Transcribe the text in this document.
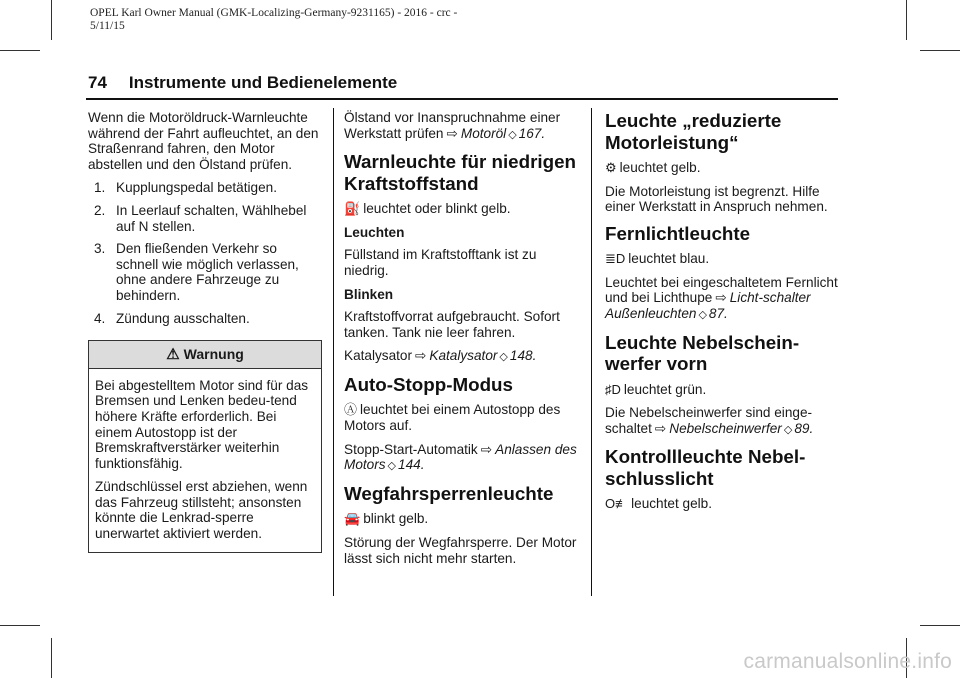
OPEL Karl Owner Manual (GMK-Localizing-Germany-9231165) - 2016 - crc -
5/11/15
74 Instrumente und Bedienelemente

Wenn die Motoröldruck-Warnleuchte während der Fahrt aufleuchtet, an den Straßenrand fahren, den Motor abstellen und den Ölstand prüfen.

1. Kupplungspedal betätigen.
2. In Leerlauf schalten, Wählhebel auf N stellen.
3. Den fließenden Verkehr so schnell wie möglich verlassen, ohne andere Fahrzeuge zu behindern.
4. Zündung ausschalten.
⚠ Warnung

Bei abgestelltem Motor sind für das Bremsen und Lenken bedeu-tend höhere Kräfte erforderlich. Bei einem Autostopp ist der Bremskraftverstärker weiterhin funktionsfähig.

Zündschlüssel erst abziehen, wenn das Fahrzeug stillsteht; ansonsten könnte die Lenkrad-sperre unerwartet aktiviert werden.

Ölstand vor Inanspruchnahme einer Werkstatt prüfen ⇨ Motoröl ◇ 167.

Warnleuchte für niedrigen Kraftstoffstand

⛽ leuchtet oder blinkt gelb.

Leuchten

Füllstand im Kraftstofftank ist zu niedrig.

Blinken

Kraftstoffvorrat aufgebraucht. Sofort tanken. Tank nie leer fahren.

Katalysator ⇨ Katalysator ◇ 148.

Auto-Stopp-Modus

Ⓐ leuchtet bei einem Autostopp des Motors auf.

Stopp-Start-Automatik ⇨ Anlassen des Motors ◇ 144.

Wegfahrsperrenleuchte

🚘 blinkt gelb.

Störung der Wegfahrsperre. Der Motor lässt sich nicht mehr starten.

Leuchte „reduzierte Motorleistung“

⚙ leuchtet gelb.

Die Motorleistung ist begrenzt. Hilfe einer Werkstatt in Anspruch nehmen.

Fernlichtleuchte

≣D leuchtet blau.

Leuchtet bei eingeschaltetem Fernlicht und bei Lichthupe ⇨ Licht-schalter Außenleuchten ◇ 87.

Leuchte Nebelschein-werfer vorn

♯D leuchtet grün.

Die Nebelscheinwerfer sind einge-schaltet ⇨ Nebelscheinwerfer ◇ 89.

Kontrollleuchte Nebel-schlusslicht

O≢ leuchtet gelb.

carmanualsonline.info
